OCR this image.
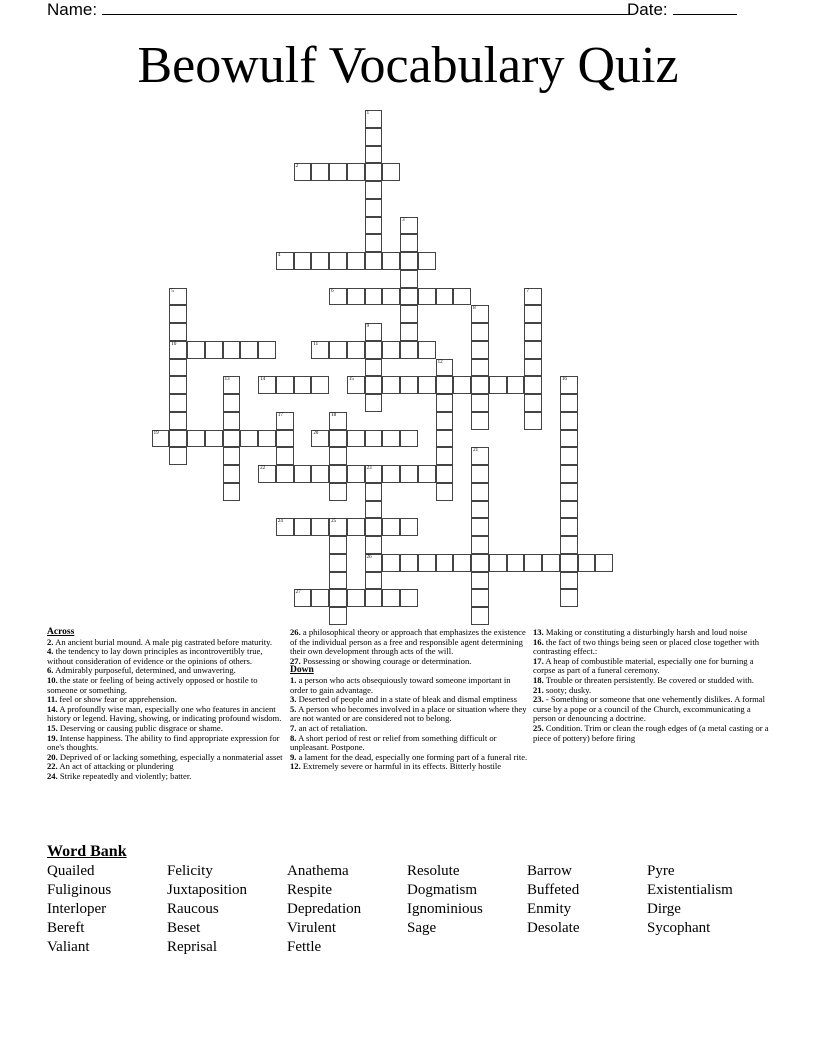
Name:	Date:
Beowulf Vocabulary Quiz
1
2
3
4
5
10
6	7
8
9
11
12
13	14	15	16
17	18
19	20
21
22	23
26
24	25
27
Across
2. An ancient burial mound. A male pig castrated before maturity.
4. the tendency to lay down principles as incontrovertibly true, without consideration of evidence or the opinions of others.
6. Admirably purposeful, determined, and unwavering.
10. the state or feeling of being actively opposed or hostile to someone or something.
11. feel or show fear or apprehension.
14. A profoundly wise man, especially one who features in ancient history or legend. Having, showing, or indicating profound wisdom.
15. Deserving or causing public disgrace or shame.
19. Intense happiness. The ability to find appropriate expression for one's thoughts.
20. Deprived of or lacking something, especially a nonmaterial asset
22. An act of attacking or plundering
24. Strike repeatedly and violently; batter.
26. a philosophical theory or approach that emphasizes the existence of the individual person as a free and responsible agent determining their own development through acts of the will.
27. Possessing or showing courage or determination.
Down
1. a person who acts obsequiously toward someone important in order to gain advantage.
3. Deserted of people and in a state of bleak and dismal emptiness
5. A person who becomes involved in a place or situation where they are not wanted or are considered not to belong.
7. an act of retaliation.
8. A short period of rest or relief from something difficult or unpleasant. Postpone.
9. a lament for the dead, especially one forming part of a funeral rite.
12. Extremely severe or harmful in its effects. Bitterly hostile
13. Making or constituting a disturbingly harsh and loud noise
16. the fact of two things being seen or placed close together with contrasting effect.:
17. A heap of combustible material, especially one for burning a corpse as part of a funeral ceremony.
18. Trouble or threaten persistently. Be covered or studded with.
21. sooty; dusky.
23. - Something or someone that one vehemently dislikes. A formal curse by a pope or a council of the Church, excommunicating a person or denouncing a doctrine.
25. Condition. Trim or clean the rough edges of (a metal casting or a piece of pottery) before firing
Word Bank
Quailed	Felicity	Anathema	Resolute	Barrow	Pyre
Fuliginous	Juxtaposition	Respite	Dogmatism	Buffeted	Existentialism
Interloper	Raucous	Depredation	Ignominious	Enmity	Dirge
Bereft	Beset	Virulent	Sage	Desolate	Sycophant
Valiant	Reprisal	Fettle
